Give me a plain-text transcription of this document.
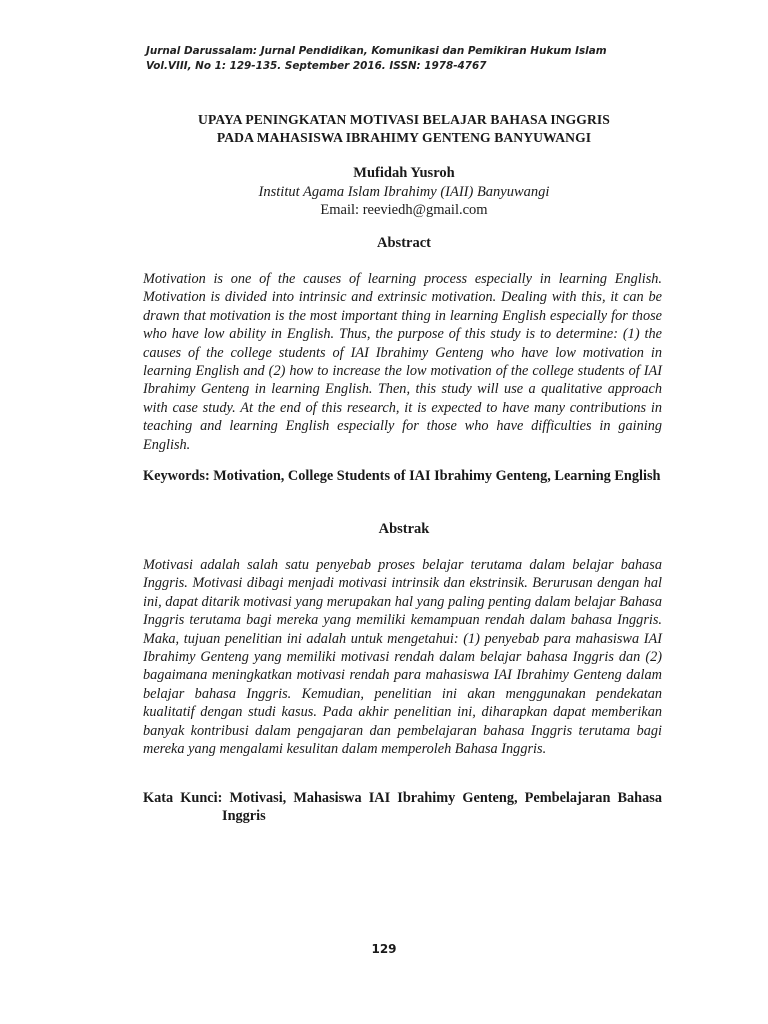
Jurnal Darussalam: Jurnal Pendidikan, Komunikasi dan Pemikiran Hukum Islam
Vol.VIII, No 1: 129-135. September 2016. ISSN: 1978-4767
UPAYA PENINGKATAN MOTIVASI BELAJAR BAHASA INGGRIS
PADA MAHASISWA IBRAHIMY GENTENG BANYUWANGI
Mufidah Yusroh
Institut Agama Islam Ibrahimy (IAII) Banyuwangi
Email: reeviedh@gmail.com
Abstract

Motivation is one of the causes of learning process especially in learning English. Motivation is divided into intrinsic and extrinsic motivation. Dealing with this, it can be drawn that motivation is the most important thing in learning English especially for those who have low ability in English. Thus, the purpose of this study is to determine: (1) the causes of the college students of IAI Ibrahimy Genteng who have low motivation in learning English and (2) how to increase the low motivation of the college students of IAI Ibrahimy Genteng in learning English. Then, this study will use a qualitative approach with case study. At the end of this research, it is expected to have many contributions in teaching and learning English especially for those who have difficulties in gaining English.

Keywords: Motivation, College Students of IAI Ibrahimy Genteng, Learning English

Abstrak

Motivasi adalah salah satu penyebab proses belajar terutama dalam belajar bahasa Inggris. Motivasi dibagi menjadi motivasi intrinsik dan ekstrinsik. Berurusan dengan hal ini, dapat ditarik motivasi yang merupakan hal yang paling penting dalam belajar Bahasa Inggris terutama bagi mereka yang memiliki kemampuan rendah dalam bahasa Inggris. Maka, tujuan penelitian ini adalah untuk mengetahui: (1) penyebab para mahasiswa IAI Ibrahimy Genteng yang memiliki motivasi rendah dalam belajar bahasa Inggris dan (2) bagaimana meningkatkan motivasi rendah para mahasiswa IAI Ibrahimy Genteng dalam belajar bahasa Inggris. Kemudian, penelitian ini akan menggunakan pendekatan kualitatif dengan studi kasus. Pada akhir penelitian ini, diharapkan dapat memberikan banyak kontribusi dalam pengajaran dan pembelajaran bahasa Inggris terutama bagi mereka yang mengalami kesulitan dalam memperoleh Bahasa Inggris.

Kata Kunci: Motivasi, Mahasiswa IAI Ibrahimy Genteng, Pembelajaran Bahasa Inggris

129
